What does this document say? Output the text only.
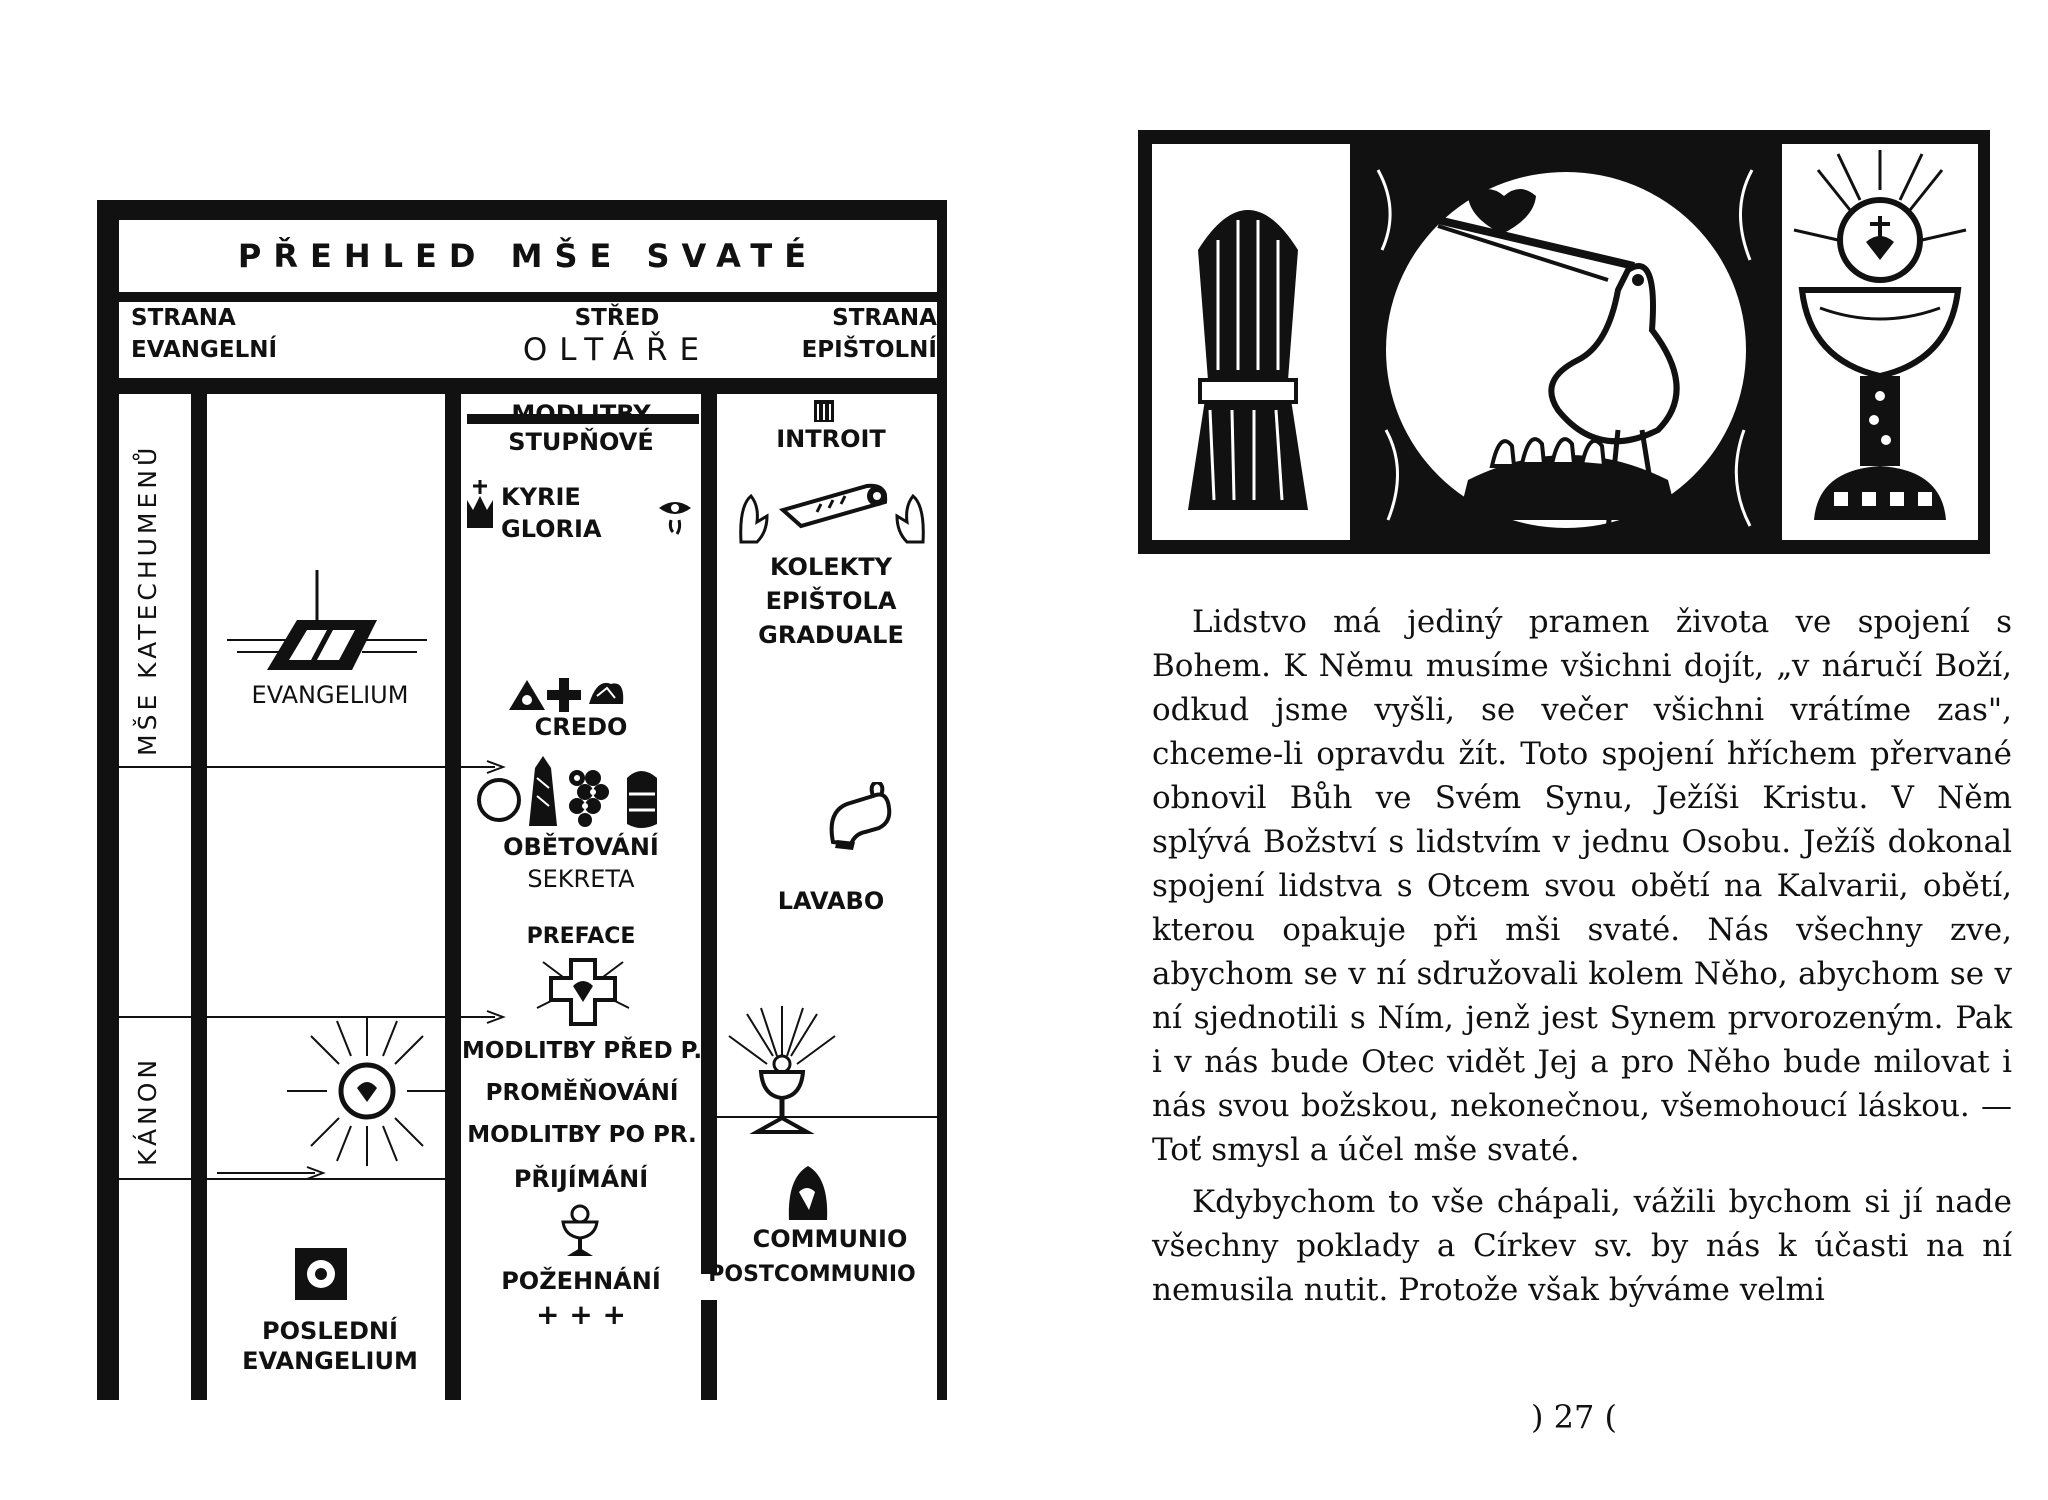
PŘEHLED MŠE SVATÉ
STRANA
EVANGELNÍ
STŘED
OLTÁŘE
STRANA
EPIŠTOLNÍ
MŠE KATECHUMENŮ
KÁNON
EVANGELIUM
POSLEDNÍ
EVANGELIUM
MODLITBY
STUPŇOVÉ
KYRIE
GLORIA
CREDO
OBĚTOVÁNÍ
SEKRETA
PREFACE
MODLITBY PŘED P.
PROMĚŇOVÁNÍ
MODLITBY PO PR.
PŘIJÍMÁNÍ
POŽEHNÁNÍ
+ + +
INTROIT
KOLEKTY
EPIŠTOLA
GRADUALE
LAVABO
COMMUNIO
POSTCOMMUNIO

Lidstvo má jediný pramen života ve spojení s Bohem. K Němu musíme všichni dojít, „v náručí Boží, odkud jsme vyšli, se večer všichni vrátíme zas", chceme-li opravdu žít. Toto spojení hříchem přervané obnovil Bůh ve Svém Synu, Ježíši Kristu. V Něm splývá Božství s lidstvím v jednu Osobu. Ježíš dokonal spojení lidstva s Otcem svou obětí na Kalvarii, obětí, kterou opakuje při mši svaté. Nás všechny zve, abychom se v ní sdružovali kolem Něho, abychom se v ní sjednotili s Ním, jenž jest Synem prvorozeným. Pak i v nás bude Otec vidět Jej a pro Něho bude milovat i nás svou božskou, nekonečnou, všemohoucí láskou. — Toť smysl a účel mše svaté.

Kdybychom to vše chápali, vážili bychom si jí nade všechny poklady a Církev sv. by nás k účasti na ní nemusila nutit. Protože však býváme velmi

) 27 (
